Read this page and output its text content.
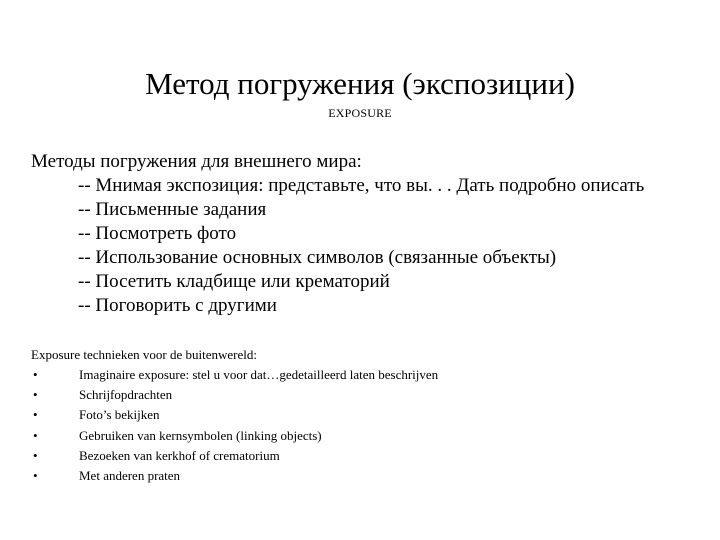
Метод погружения (экспозиции)
EXPOSURE
Методы погружения для внешнего мира:
-- Мнимая экспозиция: представьте, что вы. . . Дать подробно описать
-- Письменные задания
-- Посмотреть фото
-- Использование основных символов (связанные объекты)
-- Посетить кладбище или крематорий
-- Поговорить с другими
Exposure technieken voor de buitenwereld:
•	Imaginaire exposure: stel u voor dat…gedetailleerd laten beschrijven
•	Schrijfopdrachten
•	Foto’s bekijken
•	Gebruiken van kernsymbolen (linking objects)
•	Bezoeken van kerkhof of crematorium
•	Met anderen praten
